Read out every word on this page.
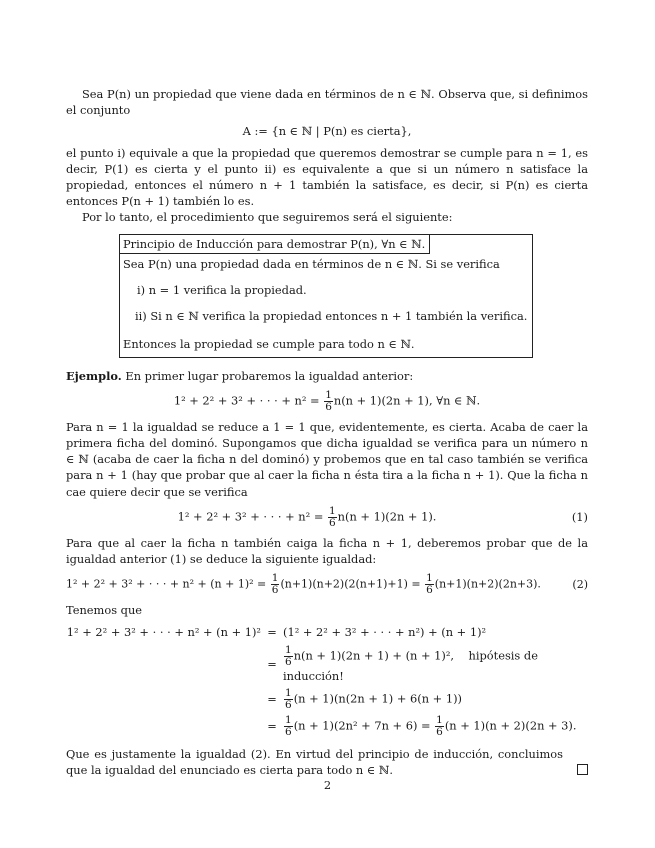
Sea P(n) un propiedad que viene dada en términos de n ∈ ℕ. Observa que, si definimos el conjunto

A := {n ∈ ℕ | P(n) es cierta},

el punto i) equivale a que la propiedad que queremos demostrar se cumple para n = 1, es decir, P(1) es cierta y el punto ii) es equivalente a que si un número n satisface la propiedad, entonces el número n + 1 también la satisface, es decir, si P(n) es cierta entonces P(n + 1) también lo es.

Por lo tanto, el procedimiento que seguiremos será el siguiente:

Principio de Inducción para demostrar P(n), ∀n ∈ ℕ.
Sea P(n) una propiedad dada en términos de n ∈ ℕ. Si se verifica
i) n = 1 verifica la propiedad.
ii) Si n ∈ ℕ verifica la propiedad entonces n + 1 también la verifica.
Entonces la propiedad se cumple para todo n ∈ ℕ.

Ejemplo. En primer lugar probaremos la igualdad anterior:

1² + 2² + 3² + · · · + $n^2 = \frac{1}{6} n(n + 1)(2n + 1)$, ∀n ∈ ℕ.

Para n = 1 la igualdad se reduce a 1 = 1 que, evidentemente, es cierta. Acaba de caer la primera ficha del dominó. Supongamos que dicha igualdad se verifica para un número n ∈ ℕ (acaba de caer la ficha n del dominó) y probemos que en tal caso también se verifica para n + 1 (hay que probar que al caer la ficha n ésta tira a la ficha n + 1). Que la ficha n cae quiere decir que se verifica

1² + 2² + 3² + · · · + $n^2 = \frac{1}{6} n(n + 1)(2n + 1)$.	(1)

Para que al caer la ficha n también caiga la ficha n + 1, deberemos probar que de la igualdad anterior (1) se deduce la siguiente igualdad:

1² + 2² + 3² + · · · + $n^2 + (n + 1)^2 = \frac{1}{6} (n+1)(n+2)(2(n+1)+1) = \frac{1}{6} (n+1)(n+2)(2n+3)$.	(2)

Tenemos que

1² + 2² + 3² + · · · + n² + (n + 1)² = (1² + 2² + 3² + · · · + n²) + (n + 1)²
= $\frac{1}{6} n(n + 1)(2n + 1) + (n + 1)^2$, hipótesis de inducción!
= $\frac{1}{6} (n + 1)(n(2n + 1) + 6(n + 1))$
= $\frac{1}{6} (n + 1)(2n^2 + 7n + 6) = \frac{1}{6} (n + 1)(n + 2)(2n + 3)$.

Que es justamente la igualdad (2). En virtud del principio de inducción, concluimos que la igualdad del enunciado es cierta para todo n ∈ ℕ.

2
